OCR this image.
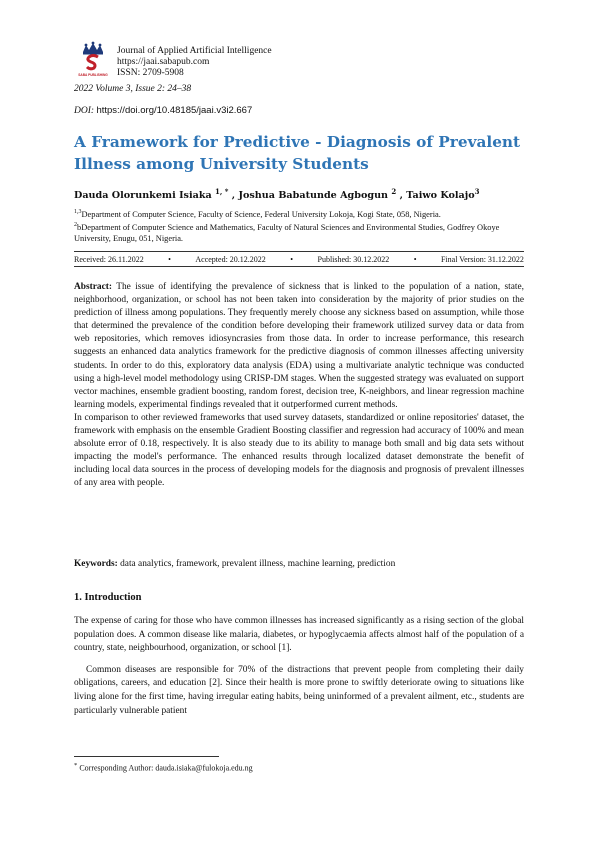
SABA PUBLISHING
Journal of Applied Artificial Intelligence
https://jaai.sabapub.com
ISSN: 2709-5908
2022 Volume 3, Issue 2: 24–38
DOI: https://doi.org/10.48185/jaai.v3i2.667
A Framework for Predictive - Diagnosis of Prevalent Illness among University Students
Dauda Olorunkemi Isiaka $^{1, *}$ , Joshua Babatunde Agbogun $^2$ , Taiwo Kolajo$^3$
$^{1,3}$Department of Computer Science, Faculty of Science, Federal University Lokoja, Kogi State, 058, Nigeria.
$^2$bDepartment of Computer Science and Mathematics, Faculty of Natural Sciences and Environmental Studies, Godfrey Okoye University, Enugu, 051, Nigeria.
Received: 26.11.2022	•	Accepted: 20.12.2022	•	Published: 30.12.2022	•	Final Version: 31.12.2022

Abstract: The issue of identifying the prevalence of sickness that is linked to the population of a nation, state, neighborhood, organization, or school has not been taken into consideration by the majority of prior studies on the prediction of illness among populations. They frequently merely choose any sickness based on assumption, while those that determined the prevalence of the condition before developing their framework utilized survey data or data from web repositories, which removes idiosyncrasies from those data. In order to increase performance, this research suggests an enhanced data analytics framework for the predictive diagnosis of common illnesses affecting university students. In order to do this, exploratory data analysis (EDA) using a multivariate analytic technique was conducted using a high-level model methodology using CRISP-DM stages. When the suggested strategy was evaluated on support vector machines, ensemble gradient boosting, random forest, decision tree, K-neighbors, and linear regression machine learning models, experimental findings revealed that it outperformed current methods.

In comparison to other reviewed frameworks that used survey datasets, standardized or online repositories' dataset, the framework with emphasis on the ensemble Gradient Boosting classifier and regression had accuracy of 100% and mean absolute error of 0.18, respectively. It is also steady due to its ability to manage both small and big data sets without impacting the model's performance. The enhanced results through localized dataset demonstrate the benefit of including local data sources in the process of developing models for the diagnosis and prognosis of prevalent illnesses of any area with people.

Keywords: data analytics, framework, prevalent illness, machine learning, prediction
1. Introduction

The expense of caring for those who have common illnesses has increased significantly as a rising section of the global population does. A common disease like malaria, diabetes, or hypoglycaemia affects almost half of the population of a country, state, neighbourhood, organization, or school [1].

Common diseases are responsible for 70% of the distractions that prevent people from completing their daily obligations, careers, and education [2]. Since their health is more prone to swiftly deteriorate owing to situations like living alone for the first time, having irregular eating habits, being uninformed of a prevalent ailment, etc., students are particularly vulnerable patient

* Corresponding Author: dauda.isiaka@fulokoja.edu.ng
